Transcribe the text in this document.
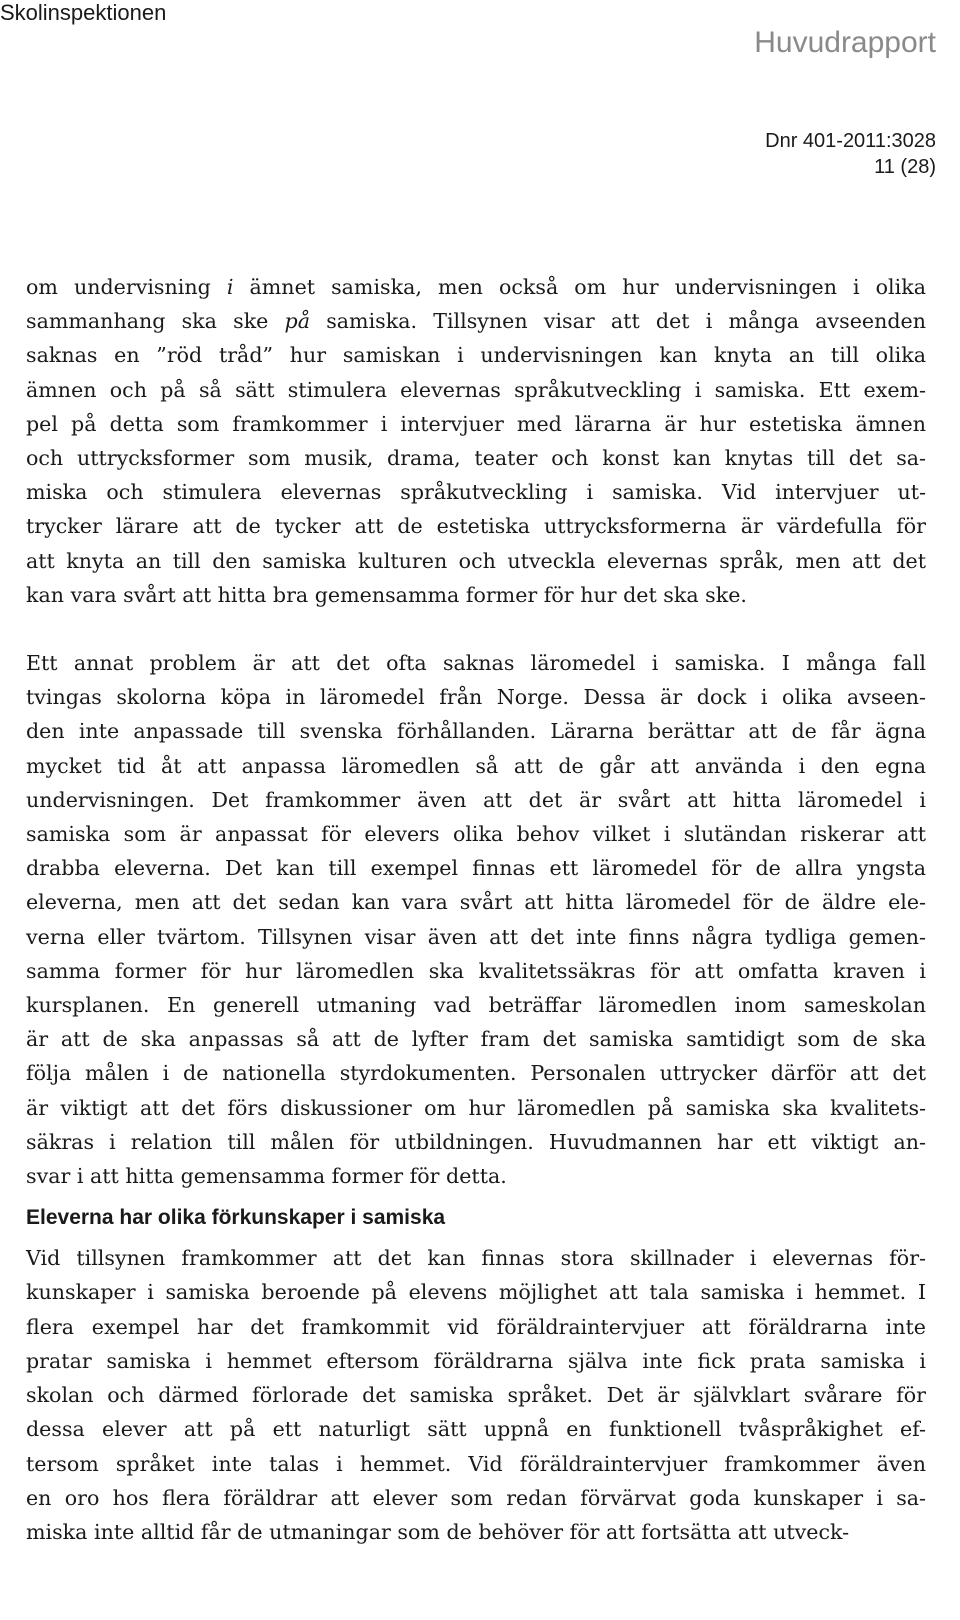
Skolinspektionen
Huvudrapport
Dnr 401-2011:3028
11 (28)
om undervisning i ämnet samiska, men också om hur undervisningen i olika
sammanhang ska ske på samiska. Tillsynen visar att det i många avseenden
saknas en ”röd tråd” hur samiskan i undervisningen kan knyta an till olika
ämnen och på så sätt stimulera elevernas språkutveckling i samiska. Ett exem-
pel på detta som framkommer i intervjuer med lärarna är hur estetiska ämnen
och uttrycksformer som musik, drama, teater och konst kan knytas till det sa-
miska och stimulera elevernas språkutveckling i samiska. Vid intervjuer ut-
trycker lärare att de tycker att de estetiska uttrycksformerna är värdefulla för
att knyta an till den samiska kulturen och utveckla elevernas språk, men att det
kan vara svårt att hitta bra gemensamma former för hur det ska ske.
Ett annat problem är att det ofta saknas läromedel i samiska. I många fall
tvingas skolorna köpa in läromedel från Norge. Dessa är dock i olika avseen-
den inte anpassade till svenska förhållanden. Lärarna berättar att de får ägna
mycket tid åt att anpassa läromedlen så att de går att använda i den egna
undervisningen. Det framkommer även att det är svårt att hitta läromedel i
samiska som är anpassat för elevers olika behov vilket i slutändan riskerar att
drabba eleverna. Det kan till exempel finnas ett läromedel för de allra yngsta
eleverna, men att det sedan kan vara svårt att hitta läromedel för de äldre ele-
verna eller tvärtom. Tillsynen visar även att det inte finns några tydliga gemen-
samma former för hur läromedlen ska kvalitetssäkras för att omfatta kraven i
kursplanen. En generell utmaning vad beträffar läromedlen inom sameskolan
är att de ska anpassas så att de lyfter fram det samiska samtidigt som de ska
följa målen i de nationella styrdokumenten. Personalen uttrycker därför att det
är viktigt att det förs diskussioner om hur läromedlen på samiska ska kvalitets-
säkras i relation till målen för utbildningen. Huvudmannen har ett viktigt an-
svar i att hitta gemensamma former för detta.
Eleverna har olika förkunskaper i samiska
Vid tillsynen framkommer att det kan finnas stora skillnader i elevernas för-
kunskaper i samiska beroende på elevens möjlighet att tala samiska i hemmet. I
flera exempel har det framkommit vid föräldraintervjuer att föräldrarna inte
pratar samiska i hemmet eftersom föräldrarna själva inte fick prata samiska i
skolan och därmed förlorade det samiska språket. Det är självklart svårare för
dessa elever att på ett naturligt sätt uppnå en funktionell tvåspråkighet ef-
tersom språket inte talas i hemmet. Vid föräldraintervjuer framkommer även
en oro hos flera föräldrar att elever som redan förvärvat goda kunskaper i sa-
miska inte alltid får de utmaningar som de behöver för att fortsätta att utveck-
